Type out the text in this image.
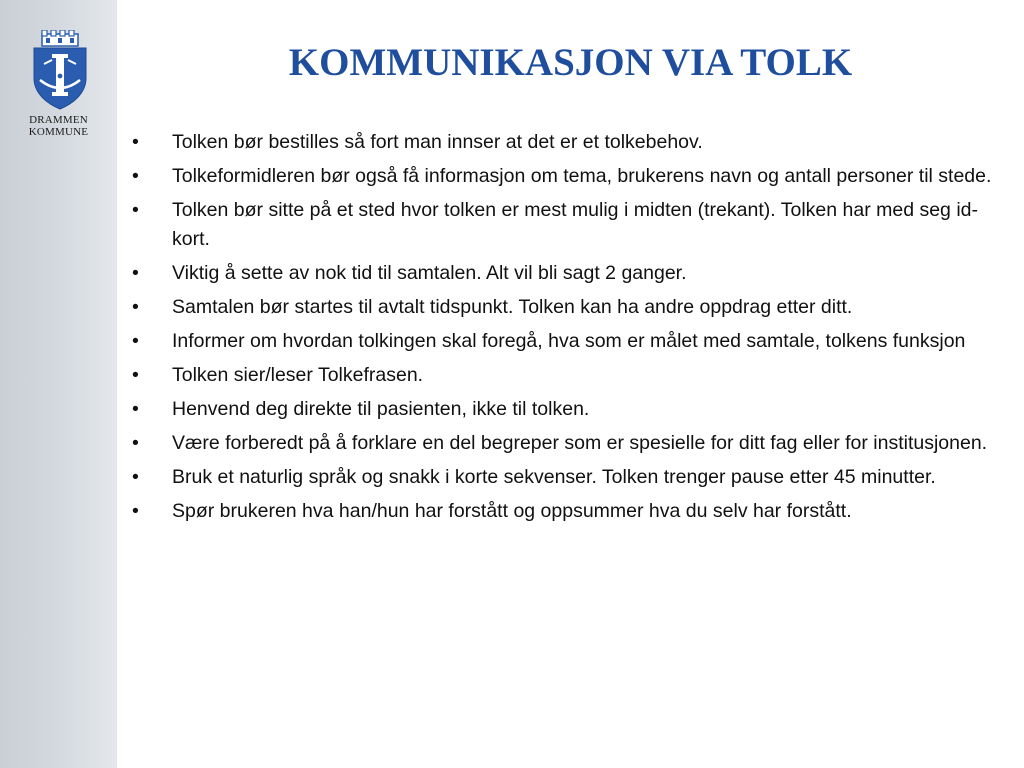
DRAMMEN
KOMMUNE
KOMMUNIKASJON VIA TOLK
•	Tolken bør bestilles så fort man innser at det er et tolkebehov.
•	Tolkeformidleren bør også få informasjon om tema, brukerens navn og antall personer til stede.
•	Tolken bør sitte på et sted hvor tolken er mest mulig i midten (trekant). Tolken har med seg id-kort.
•	Viktig å sette av nok tid til samtalen. Alt vil bli sagt 2 ganger.
•	Samtalen bør startes til avtalt tidspunkt. Tolken kan ha andre oppdrag etter ditt.
•	Informer om hvordan tolkingen skal foregå, hva som er målet med samtale, tolkens funksjon
•	Tolken sier/leser Tolkefrasen.
•	Henvend deg direkte til pasienten, ikke til tolken.
•	Være forberedt på å forklare en del begreper som er spesielle for ditt fag eller for institusjonen.
•	Bruk et naturlig språk og snakk i korte sekvenser. Tolken trenger pause etter 45 minutter.
•	Spør brukeren hva han/hun har forstått og oppsummer hva du selv har forstått.
